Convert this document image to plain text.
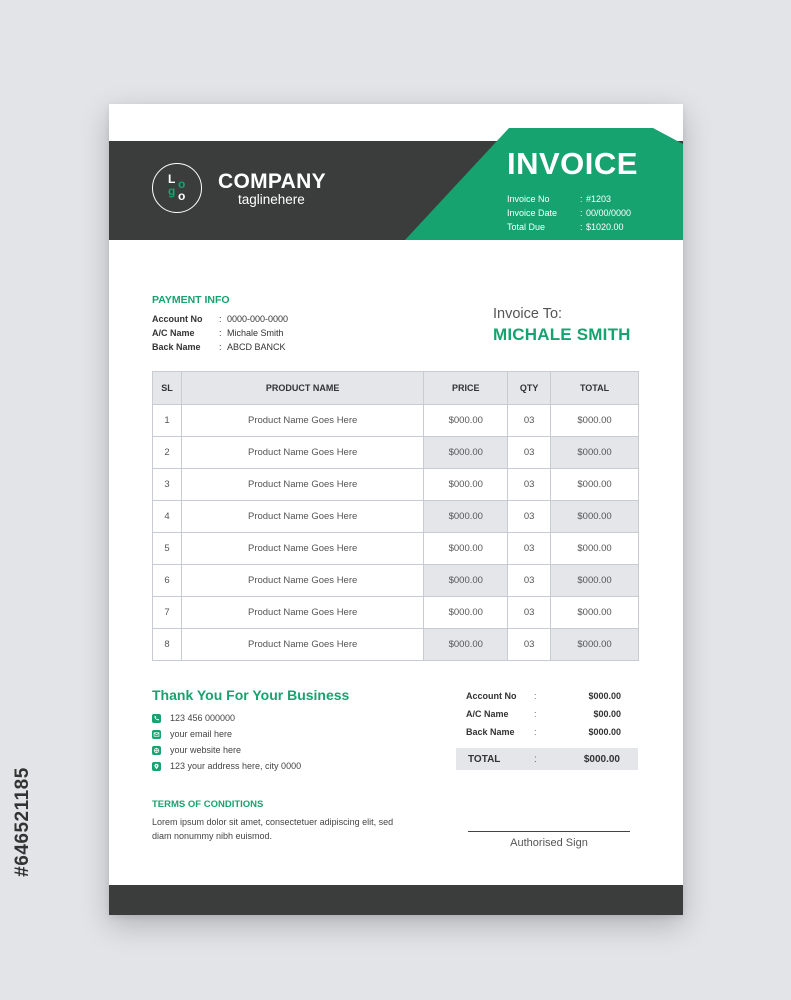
#646521185
L o
g o
COMPANY
taglinehere
INVOICE
Invoice No	: #1203
Invoice Date	: 00/00/0000
Total Due	: $1020.00
PAYMENT INFO
Account No	: 0000-000-0000
A/C Name	: Michale Smith
Back Name	: ABCD BANCK
Invoice To:
MICHALE SMITH
SL	PRODUCT NAME	PRICE	QTY	TOTAL
1	Product Name Goes Here	$000.00	03	$000.00
2	Product Name Goes Here	$000.00	03	$000.00
3	Product Name Goes Here	$000.00	03	$000.00
4	Product Name Goes Here	$000.00	03	$000.00
5	Product Name Goes Here	$000.00	03	$000.00
6	Product Name Goes Here	$000.00	03	$000.00
7	Product Name Goes Here	$000.00	03	$000.00
8	Product Name Goes Here	$000.00	03	$000.00
Thank You For Your Business
123 456 000000
your email here
your website here
123 your address here, city 0000
Account No	:	$000.00
A/C Name	:	$00.00
Back Name	:	$000.00
TOTAL	:	$000.00
TERMS OF CONDITIONS
Lorem ipsum dolor sit amet, consectetuer adipiscing elit, sed diam nonummy nibh euismod.
Authorised Sign
